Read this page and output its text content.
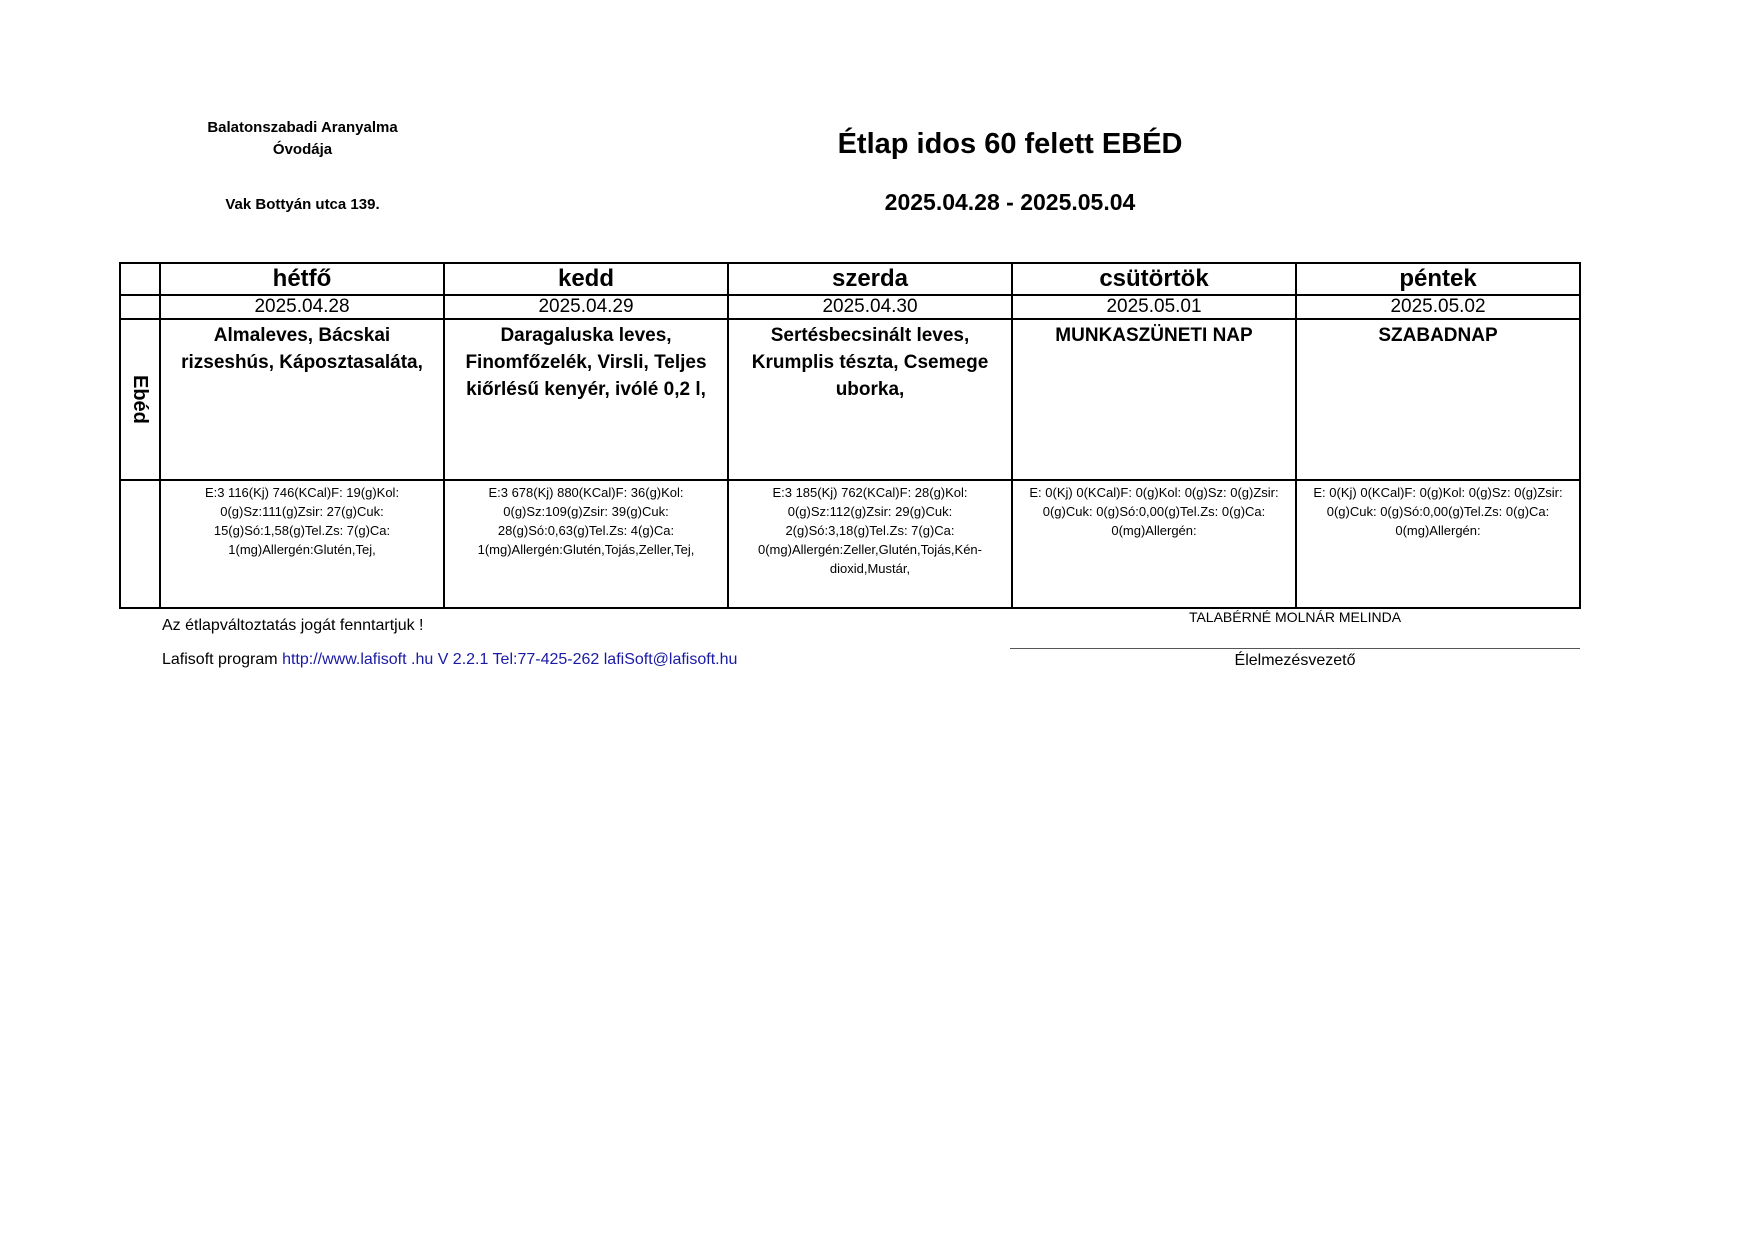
Balatonszabadi Aranyalma
Óvodája
Vak Bottyán utca 139.
Étlap idos 60 felett EBÉD
2025.04.28 - 2025.05.04
	hétfő	kedd	szerda	csütörtök	péntek
	2025.04.28	2025.04.29	2025.04.30	2025.05.01	2025.05.02

Ebéd	Almaleves, Bácskai rizseshús, Káposztasaláta,	Daragaluska leves, Finomfőzelék, Virsli, Teljes kiőrlésű kenyér, ivólé 0,2 l,	Sertésbecsinált leves, Krumplis tészta, Csemege uborka,	MUNKASZÜNETI NAP	SZABADNAP
	E:3 116(Kj) 746(KCal)F: 19(g)Kol: 0(g)Sz:111(g)Zsir: 27(g)Cuk: 15(g)Só:1,58(g)Tel.Zs: 7(g)Ca: 1(mg)Allergén:Glutén,Tej,	E:3 678(Kj) 880(KCal)F: 36(g)Kol: 0(g)Sz:109(g)Zsir: 39(g)Cuk: 28(g)Só:0,63(g)Tel.Zs: 4(g)Ca: 1(mg)Allergén:Glutén,Tojás,Zeller,Tej,	E:3 185(Kj) 762(KCal)F: 28(g)Kol: 0(g)Sz:112(g)Zsir: 29(g)Cuk: 2(g)Só:3,18(g)Tel.Zs: 7(g)Ca: 0(mg)Allergén:Zeller,Glutén,Tojás,Kén-dioxid,Mustár,	E: 0(Kj) 0(KCal)F: 0(g)Kol: 0(g)Sz: 0(g)Zsir: 0(g)Cuk: 0(g)Só:0,00(g)Tel.Zs: 0(g)Ca: 0(mg)Allergén:	E: 0(Kj) 0(KCal)F: 0(g)Kol: 0(g)Sz: 0(g)Zsir: 0(g)Cuk: 0(g)Só:0,00(g)Tel.Zs: 0(g)Ca: 0(mg)Allergén:
Az étlapváltoztatás jogát fenntartjuk !
Lafisoft program http://www.lafisoft .hu V 2.2.1 Tel:77-425-262 lafiSoft@lafisoft.hu
TALABÉRNÉ MOLNÁR MELINDA
Élelmezésvezető
